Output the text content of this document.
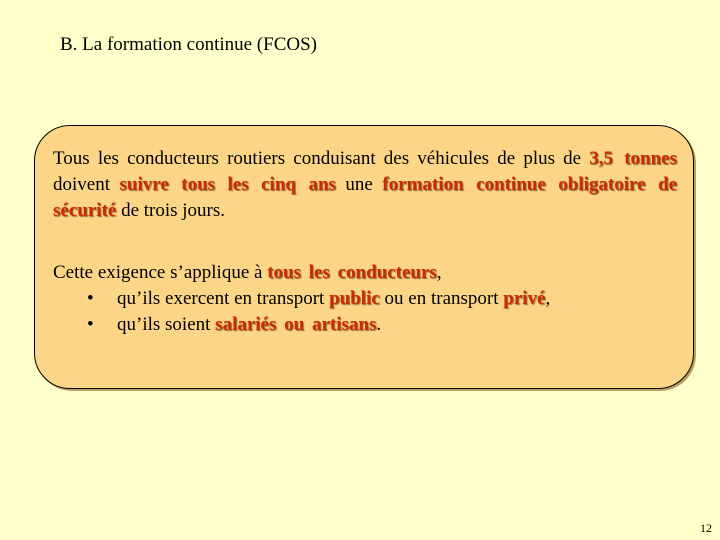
B. La formation continue (FCOS)
Tous les conducteurs routiers conduisant des véhicules de plus de 3,5 tonnes doivent suivre tous les cinq ans une formation continue obligatoire de sécurité de trois jours.
Cette exigence s’applique à tous les conducteurs,
• qu’ils exercent en transport public ou en transport privé,
• qu’ils soient salariés ou artisans.
12
